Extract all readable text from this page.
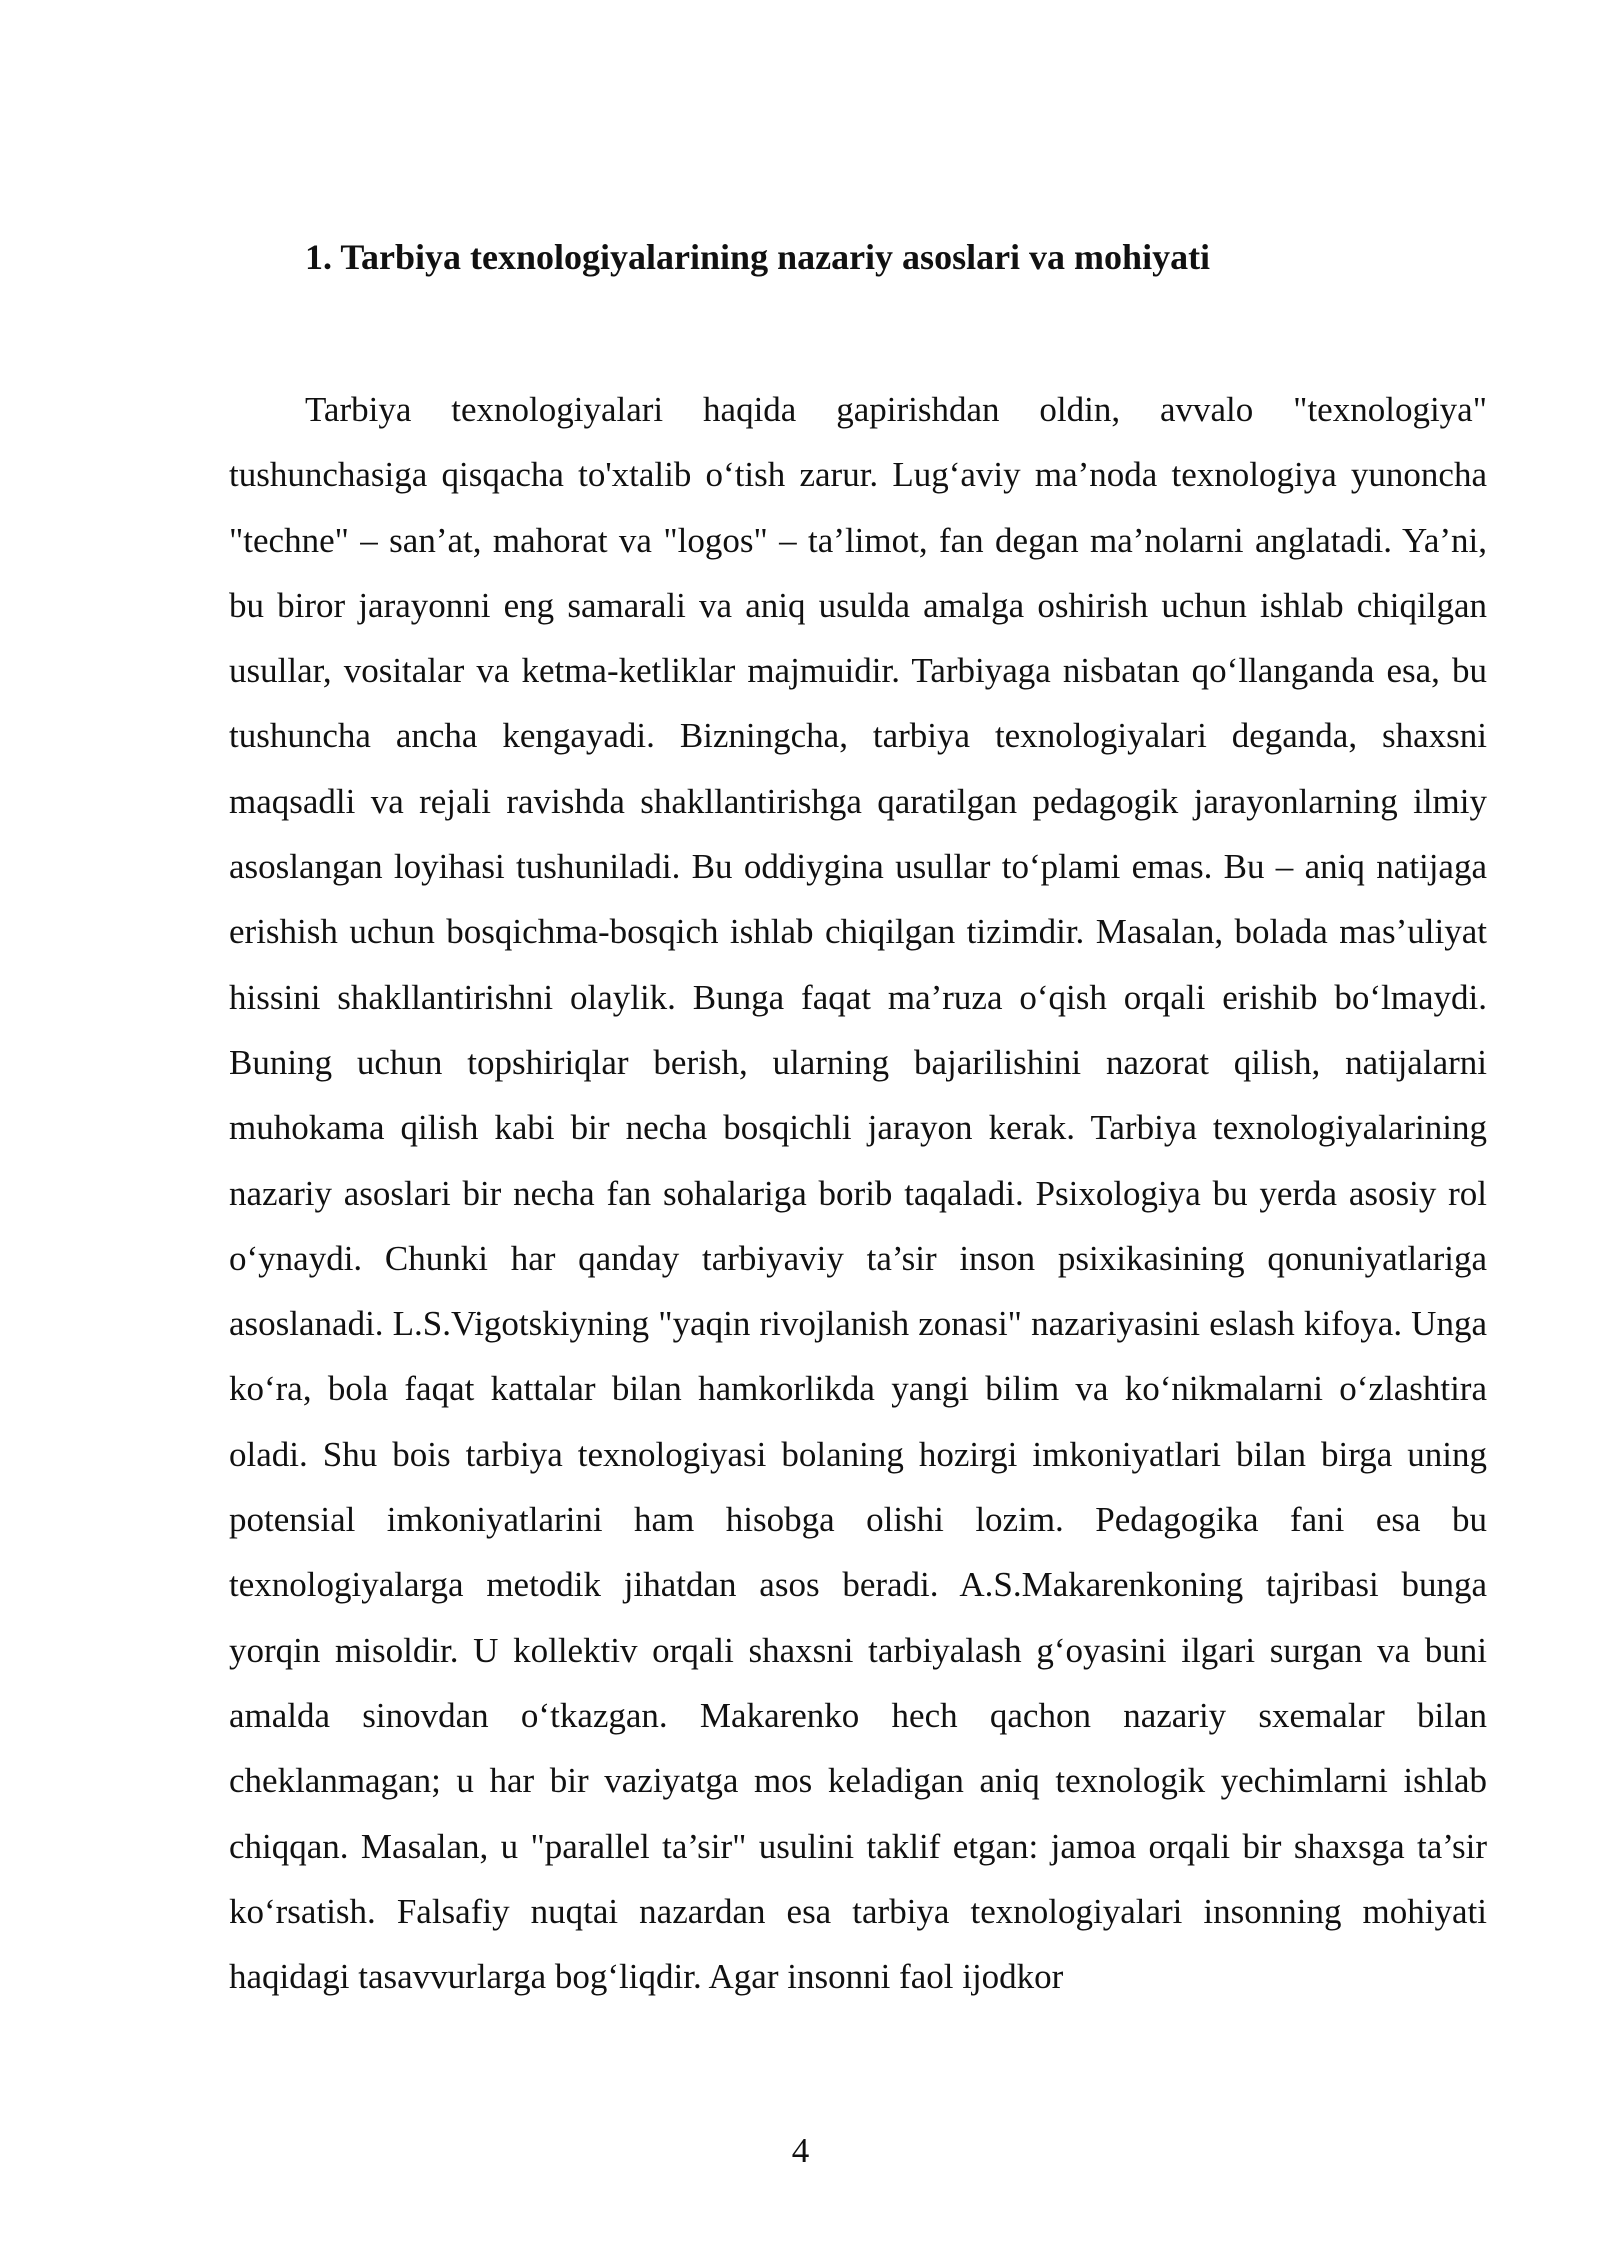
1. Tarbiya texnologiyalarining nazariy asoslari va mohiyati

Tarbiya texnologiyalari haqida gapirishdan oldin, avvalo "texnologiya" tushunchasiga qisqacha to'xtalib o‘tish zarur. Lug‘aviy ma’noda texnologiya yunoncha "techne" – san’at, mahorat va "logos" – ta’limot, fan degan ma’nolarni anglatadi. Ya’ni, bu biror jarayonni eng samarali va aniq usulda amalga oshirish uchun ishlab chiqilgan usullar, vositalar va ketma-ketliklar majmuidir. Tarbiyaga nisbatan qo‘llanganda esa, bu tushuncha ancha kengayadi. Bizningcha, tarbiya texnologiyalari deganda, shaxsni maqsadli va rejali ravishda shakllantirishga qaratilgan pedagogik jarayonlarning ilmiy asoslangan loyihasi tushuniladi. Bu oddiygina usullar to‘plami emas. Bu – aniq natijaga erishish uchun bosqichma-bosqich ishlab chiqilgan tizimdir. Masalan, bolada mas’uliyat hissini shakllantirishni olaylik. Bunga faqat ma’ruza o‘qish orqali erishib bo‘lmaydi. Buning uchun topshiriqlar berish, ularning bajarilishini nazorat qilish, natijalarni muhokama qilish kabi bir necha bosqichli jarayon kerak. Tarbiya texnologiyalarining nazariy asoslari bir necha fan sohalariga borib taqaladi. Psixologiya bu yerda asosiy rol o‘ynaydi. Chunki har qanday tarbiyaviy ta’sir inson psixikasining qonuniyatlariga asoslanadi. L.S.Vigotskiyning "yaqin rivojlanish zonasi" nazariyasini eslash kifoya. Unga ko‘ra, bola faqat kattalar bilan hamkorlikda yangi bilim va ko‘nikmalarni o‘zlashtira oladi. Shu bois tarbiya texnologiyasi bolaning hozirgi imkoniyatlari bilan birga uning potensial imkoniyatlarini ham hisobga olishi lozim. Pedagogika fani esa bu texnologiyalarga metodik jihatdan asos beradi. A.S.Makarenkoning tajribasi bunga yorqin misoldir. U kollektiv orqali shaxsni tarbiyalash g‘oyasini ilgari surgan va buni amalda sinovdan o‘tkazgan. Makarenko hech qachon nazariy sxemalar bilan cheklanmagan; u har bir vaziyatga mos keladigan aniq texnologik yechimlarni ishlab chiqqan. Masalan, u "parallel ta’sir" usulini taklif etgan: jamoa orqali bir shaxsga ta’sir ko‘rsatish. Falsafiy nuqtai nazardan esa tarbiya texnologiyalari insonning mohiyati haqidagi tasavvurlarga bog‘liqdir. Agar insonni faol ijodkor

4
